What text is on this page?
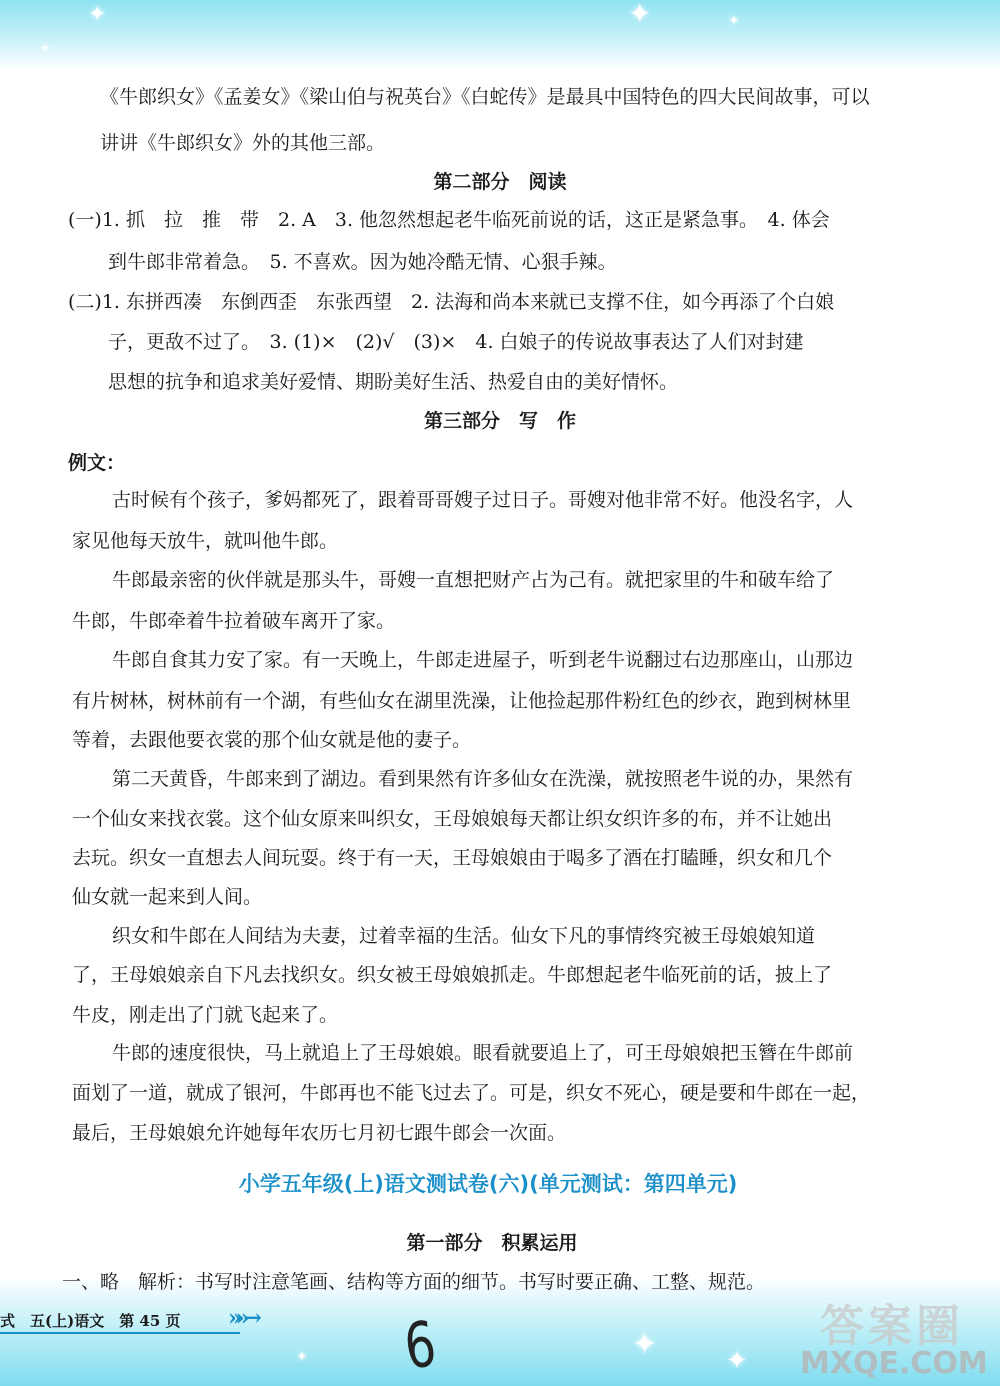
✦	✦	✦
✦
✦	✦
✦
《牛郎织女》《孟姜女》《梁山伯与祝英台》《白蛇传》是最具中国特色的四大民间故事，可以
讲讲《牛郎织女》外的其他三部。
第二部分　阅读
(一)1. 抓　拉　推　带　2. A　3. 他忽然想起老牛临死前说的话，这正是紧急事。　4. 体会
到牛郎非常着急。　5. 不喜欢。因为她冷酷无情、心狠手辣。
(二)1. 东拼西凑　东倒西歪　东张西望　2. 法海和尚本来就已支撑不住，如今再添了个白娘
子，更敌不过了。　3. (1)×　(2)√　(3)×　4. 白娘子的传说故事表达了人们对封建
思想的抗争和追求美好爱情、期盼美好生活、热爱自由的美好情怀。
第三部分　写　作
例文：
古时候有个孩子，爹妈都死了，跟着哥哥嫂子过日子。哥嫂对他非常不好。他没名字，人
家见他每天放牛，就叫他牛郎。
牛郎最亲密的伙伴就是那头牛，哥嫂一直想把财产占为己有。就把家里的牛和破车给了
牛郎，牛郎牵着牛拉着破车离开了家。
牛郎自食其力安了家。有一天晚上，牛郎走进屋子，听到老牛说翻过右边那座山，山那边
有片树林，树林前有一个湖，有些仙女在湖里洗澡，让他捡起那件粉红色的纱衣，跑到树林里
等着，去跟他要衣裳的那个仙女就是他的妻子。
第二天黄昏，牛郎来到了湖边。看到果然有许多仙女在洗澡，就按照老牛说的办，果然有
一个仙女来找衣裳。这个仙女原来叫织女，王母娘娘每天都让织女织许多的布，并不让她出
去玩。织女一直想去人间玩耍。终于有一天，王母娘娘由于喝多了酒在打瞌睡，织女和几个
仙女就一起来到人间。
织女和牛郎在人间结为夫妻，过着幸福的生活。仙女下凡的事情终究被王母娘娘知道
了，王母娘娘亲自下凡去找织女。织女被王母娘娘抓走。牛郎想起老牛临死前的话，披上了
牛皮，刚走出了门就飞起来了。
牛郎的速度很快，马上就追上了王母娘娘。眼看就要追上了，可王母娘娘把玉簪在牛郎前
面划了一道，就成了银河，牛郎再也不能飞过去了。可是，织女不死心，硬是要和牛郎在一起，
最后，王母娘娘允许她每年农历七月初七跟牛郎会一次面。
小学五年级(上)语文测试卷(六)(单元测试：第四单元)
第一部分　积累运用
一、略　解析：书写时注意笔画、结构等方面的细节。书写时要正确、工整、规范。
式　五(上)语文　第 45 页 »»→	6	答案圈
MXQE.COM
